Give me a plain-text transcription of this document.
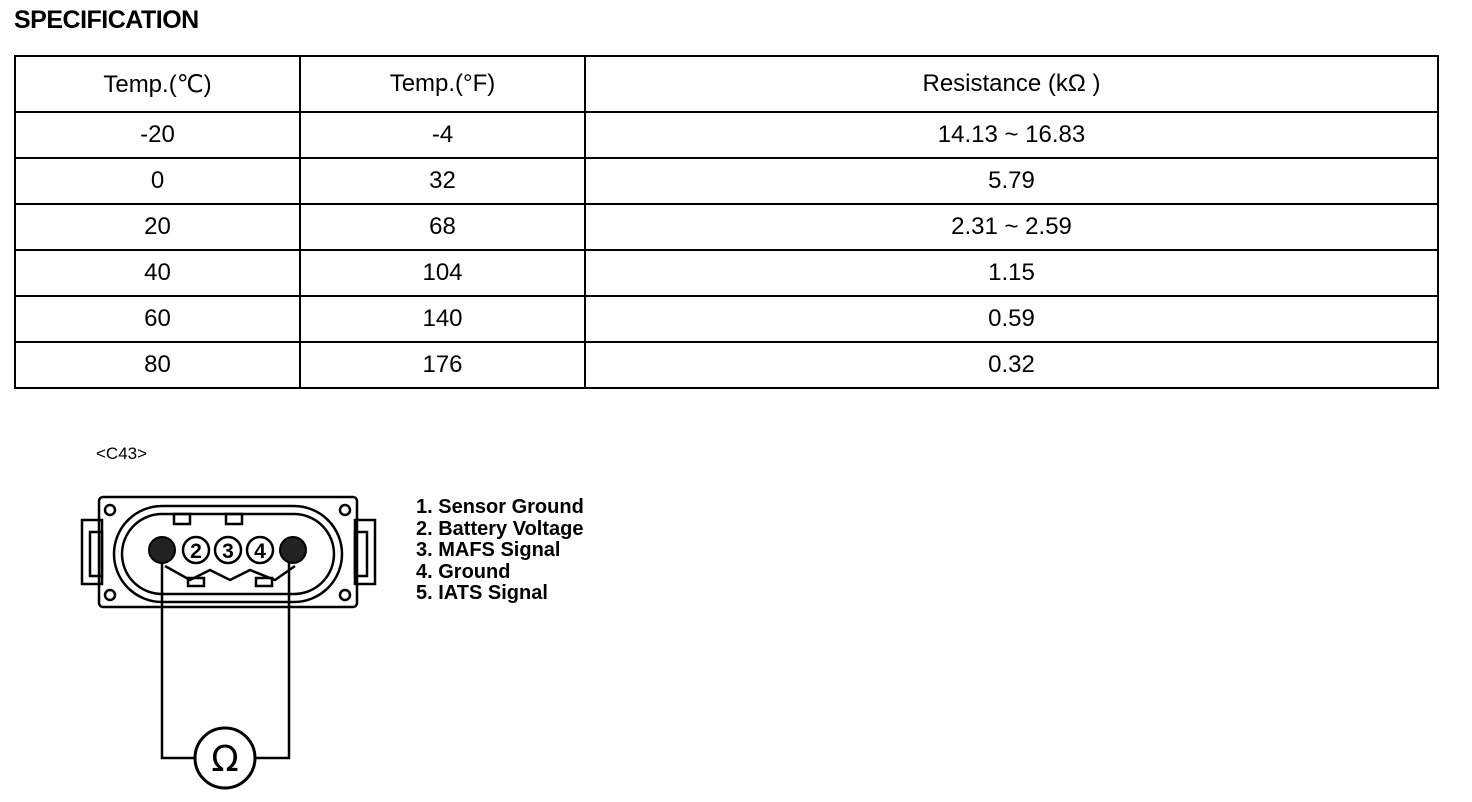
SPECIFICATION
Temp.(℃)	Temp.(°F)	Resistance (kΩ )
-20	-4	14.13 ~ 16.83
0	32	5.79
20	68	2.31 ~ 2.59
40	104	1.15
60	140	0.59
80	176	0.32
<C43>
2 3 4
Ω
1. Sensor Ground
2. Battery Voltage
3. MAFS Signal
4. Ground
5. IATS Signal
